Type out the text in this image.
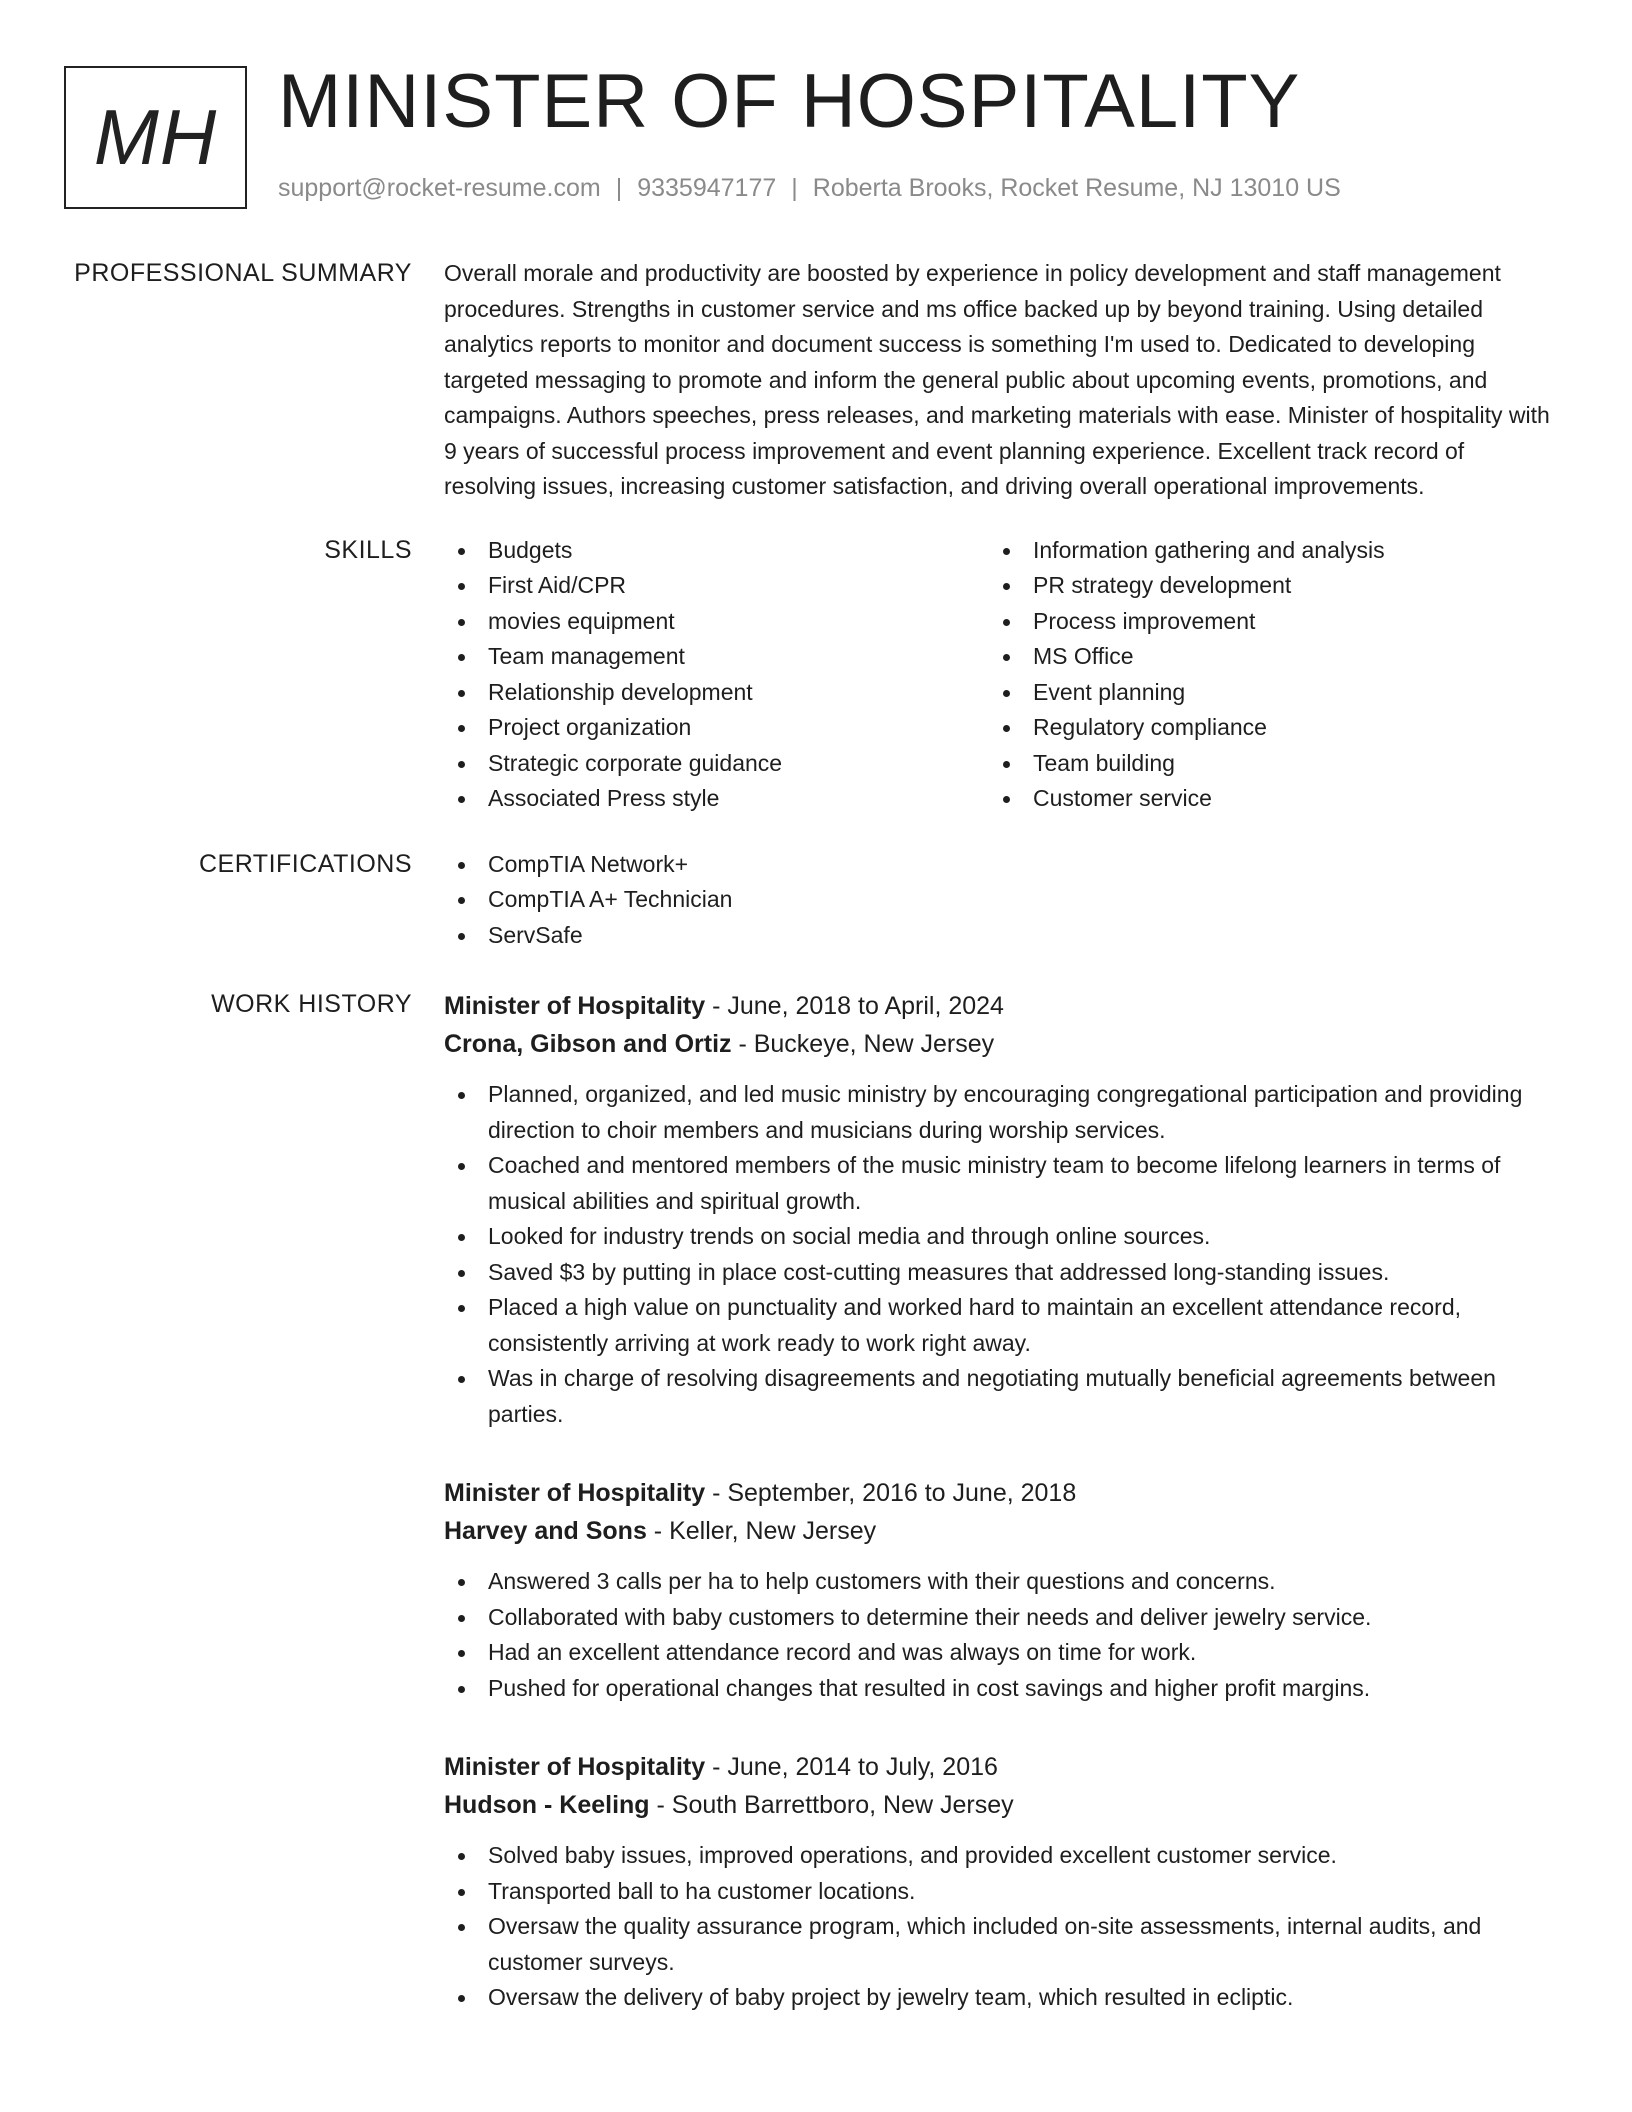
MH MINISTER OF HOSPITALITY
support@rocket-resume.com | 9335947177 | Roberta Brooks, Rocket Resume, NJ 13010 US
PROFESSIONAL SUMMARY Overall morale and productivity are boosted by experience in policy development and staff management procedures. Strengths in customer service and ms office backed up by beyond training. Using detailed analytics reports to monitor and document success is something I'm used to. Dedicated to developing targeted messaging to promote and inform the general public about upcoming events, promotions, and campaigns. Authors speeches, press releases, and marketing materials with ease. Minister of hospitality with 9 years of successful process improvement and event planning experience. Excellent track record of resolving issues, increasing customer satisfaction, and driving overall operational improvements.

SKILLS	Budgets
First Aid/CPR
movies equipment
Team management
Relationship development
Project organization
Strategic corporate guidance
Associated Press style
Information gathering and analysis
PR strategy development
Process improvement
MS Office
Event planning
Regulatory compliance
Team building
Customer service
CERTIFICATIONS	CompTIA Network+
CompTIA A+ Technician
ServSafe
WORK HISTORY Minister of Hospitality - June, 2018 to April, 2024
Crona, Gibson and Ortiz - Buckeye, New Jersey
Planned, organized, and led music ministry by encouraging congregational participation and providing direction to choir members and musicians during worship services.
Coached and mentored members of the music ministry team to become lifelong learners in terms of musical abilities and spiritual growth.
Looked for industry trends on social media and through online sources.
Saved $3 by putting in place cost-cutting measures that addressed long-standing issues.
Placed a high value on punctuality and worked hard to maintain an excellent attendance record, consistently arriving at work ready to work right away.
Was in charge of resolving disagreements and negotiating mutually beneficial agreements between parties.
Minister of Hospitality - September, 2016 to June, 2018
Harvey and Sons - Keller, New Jersey
Answered 3 calls per ha to help customers with their questions and concerns.
Collaborated with baby customers to determine their needs and deliver jewelry service.
Had an excellent attendance record and was always on time for work.
Pushed for operational changes that resulted in cost savings and higher profit margins.
Minister of Hospitality - June, 2014 to July, 2016
Hudson - Keeling - South Barrettboro, New Jersey
Solved baby issues, improved operations, and provided excellent customer service.
Transported ball to ha customer locations.
Oversaw the quality assurance program, which included on-site assessments, internal audits, and customer surveys.
Oversaw the delivery of baby project by jewelry team, which resulted in ecliptic.
